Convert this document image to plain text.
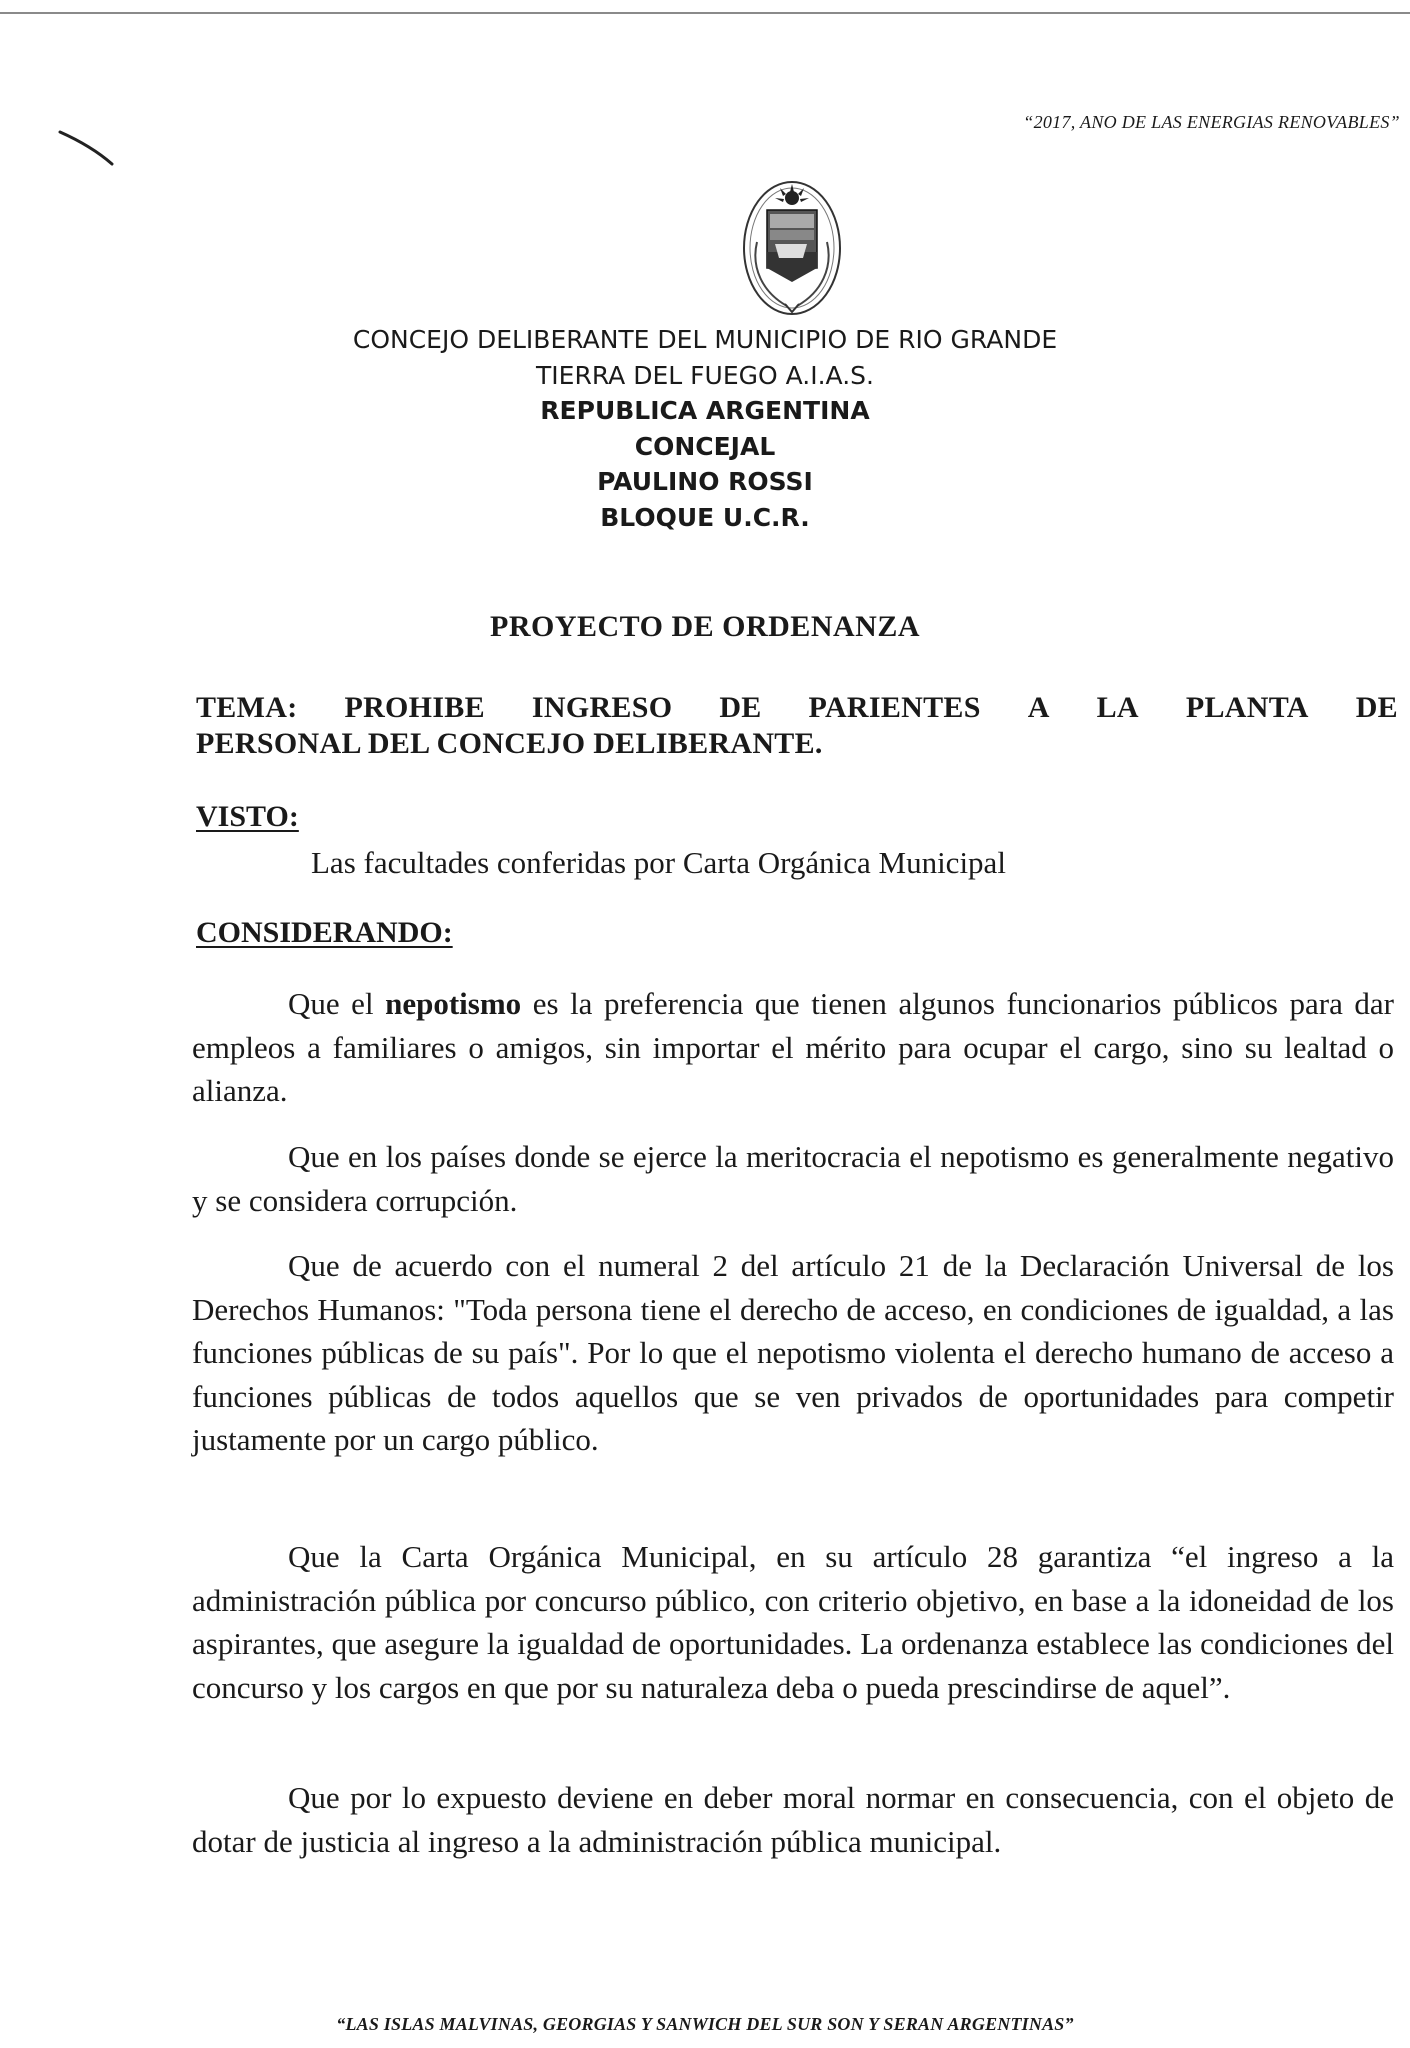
“2017, ANO DE LAS ENERGIAS RENOVABLES”
CONCEJO DELIBERANTE DEL MUNICIPIO DE RIO GRANDE
TIERRA DEL FUEGO A.I.A.S.
REPUBLICA ARGENTINA
CONCEJAL
PAULINO ROSSI
BLOQUE U.C.R.
PROYECTO DE ORDENANZA
TEMA: PROHIBE INGRESO DE PARIENTES A LA PLANTA DE
PERSONAL DEL CONCEJO DELIBERANTE.
VISTO:
Las facultades conferidas por Carta Orgánica Municipal
CONSIDERANDO:

Que el nepotismo es la preferencia que tienen algunos funcionarios públicos para dar empleos a familiares o amigos, sin importar el mérito para ocupar el cargo, sino su lealtad o alianza.

Que en los países donde se ejerce la meritocracia el nepotismo es generalmente negativo y se considera corrupción.

Que de acuerdo con el numeral 2 del artículo 21 de la Declaración Universal de los Derechos Humanos: "Toda persona tiene el derecho de acceso, en condiciones de igualdad, a las funciones públicas de su país". Por lo que el nepotismo violenta el derecho humano de acceso a funciones públicas de todos aquellos que se ven privados de oportunidades para competir justamente por un cargo público.

Que la Carta Orgánica Municipal, en su artículo 28 garantiza “el ingreso a la administración pública por concurso público, con criterio objetivo, en base a la idoneidad de los aspirantes, que asegure la igualdad de oportunidades. La ordenanza establece las condiciones del concurso y los cargos en que por su naturaleza deba o pueda prescindirse de aquel”.

Que por lo expuesto deviene en deber moral normar en consecuencia, con el objeto de dotar de justicia al ingreso a la administración pública municipal.

“LAS ISLAS MALVINAS, GEORGIAS Y SANWICH DEL SUR SON Y SERAN ARGENTINAS”
